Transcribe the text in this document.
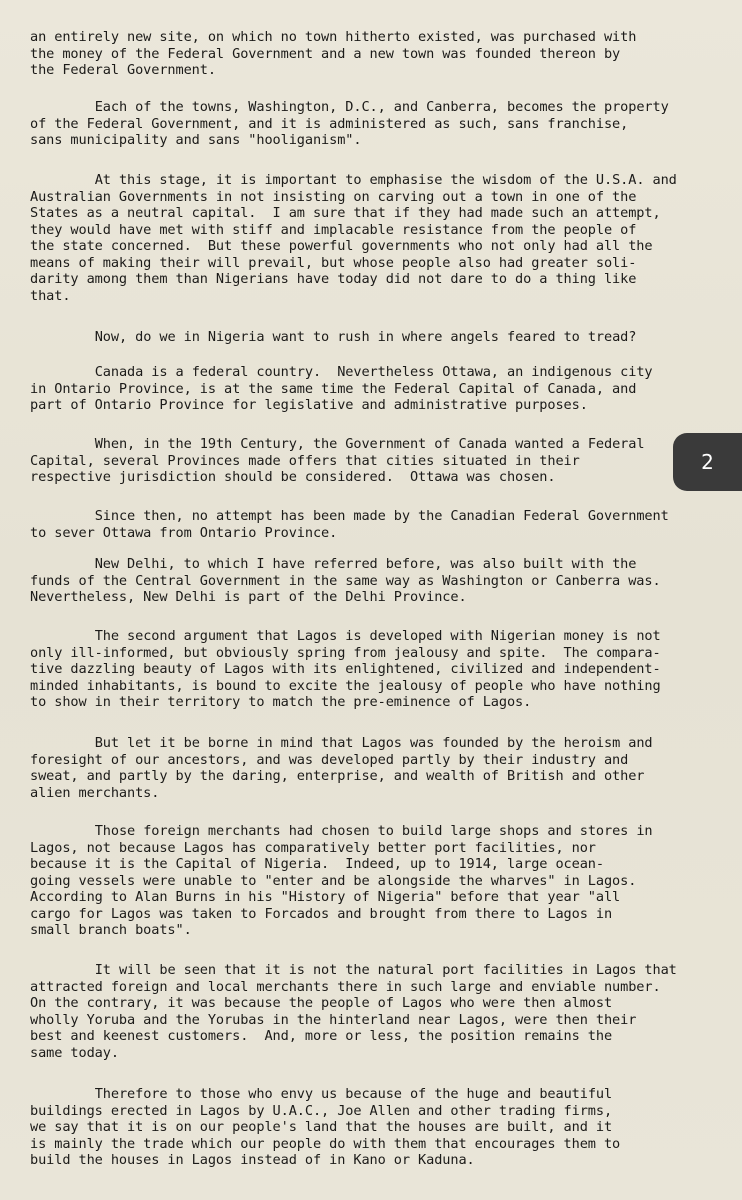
an entirely new site, on which no town hitherto existed, was purchased with
the money of the Federal Government and a new town was founded thereon by
the Federal Government.

Each of the towns, Washington, D.C., and Canberra, becomes the property
of the Federal Government, and it is administered as such, sans franchise,
sans municipality and sans "hooliganism".

At this stage, it is important to emphasise the wisdom of the U.S.A. and
Australian Governments in not insisting on carving out a town in one of the
States as a neutral capital.  I am sure that if they had made such an attempt,
they would have met with stiff and implacable resistance from the people of
the state concerned.  But these powerful governments who not only had all the
means of making their will prevail, but whose people also had greater soli-
darity among them than Nigerians have today did not dare to do a thing like
that.

Now, do we in Nigeria want to rush in where angels feared to tread?

Canada is a federal country.  Nevertheless Ottawa, an indigenous city
in Ontario Province, is at the same time the Federal Capital of Canada, and
part of Ontario Province for legislative and administrative purposes.

When, in the 19th Century, the Government of Canada wanted a Federal
Capital, several Provinces made offers that cities situated in their
respective jurisdiction should be considered.  Ottawa was chosen.

Since then, no attempt has been made by the Canadian Federal Government
to sever Ottawa from Ontario Province.

New Delhi, to which I have referred before, was also built with the
funds of the Central Government in the same way as Washington or Canberra was.
Nevertheless, New Delhi is part of the Delhi Province.

The second argument that Lagos is developed with Nigerian money is not
only ill-informed, but obviously spring from jealousy and spite.  The compara-
tive dazzling beauty of Lagos with its enlightened, civilized and independent-
minded inhabitants, is bound to excite the jealousy of people who have nothing
to show in their territory to match the pre-eminence of Lagos.

But let it be borne in mind that Lagos was founded by the heroism and
foresight of our ancestors, and was developed partly by their industry and
sweat, and partly by the daring, enterprise, and wealth of British and other
alien merchants.

Those foreign merchants had chosen to build large shops and stores in
Lagos, not because Lagos has comparatively better port facilities, nor
because it is the Capital of Nigeria.  Indeed, up to 1914, large ocean-
going vessels were unable to "enter and be alongside the wharves" in Lagos.
According to Alan Burns in his "History of Nigeria" before that year "all
cargo for Lagos was taken to Forcados and brought from there to Lagos in
small branch boats".

It will be seen that it is not the natural port facilities in Lagos that
attracted foreign and local merchants there in such large and enviable number.
On the contrary, it was because the people of Lagos who were then almost
wholly Yoruba and the Yorubas in the hinterland near Lagos, were then their
best and keenest customers.  And, more or less, the position remains the
same today.

Therefore to those who envy us because of the huge and beautiful
buildings erected in Lagos by U.A.C., Joe Allen and other trading firms,
we say that it is on our people's land that the houses are built, and it
is mainly the trade which our people do with them that encourages them to
build the houses in Lagos instead of in Kano or Kaduna.

2
